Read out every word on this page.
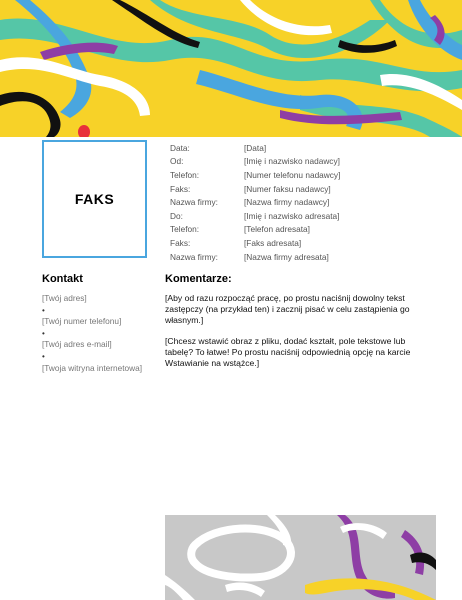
FAKS
Data:	[Data]
Od:	[Imię i nazwisko nadawcy]
Telefon:	[Numer telefonu nadawcy]
Faks:	[Numer faksu nadawcy]
Nazwa firmy:	[Nazwa firmy nadawcy]
Do:	[Imię i nazwisko adresata]
Telefon:	[Telefon adresata]
Faks:	[Faks adresata]
Nazwa firmy:	[Nazwa firmy adresata]
Kontakt
[Twój adres]
•
[Twój numer telefonu]
•
[Twój adres e-mail]
•
[Twoja witryna internetowa]
Komentarze:

[Aby od razu rozpocząć pracę, po prostu naciśnij dowolny tekst zastępczy (na przykład ten) i zacznij pisać w celu zastąpienia go własnym.]

[Chcesz wstawić obraz z pliku, dodać kształt, pole tekstowe lub tabelę? To łatwe! Po prostu naciśnij odpowiednią opcję na karcie Wstawianie na wstążce.]
